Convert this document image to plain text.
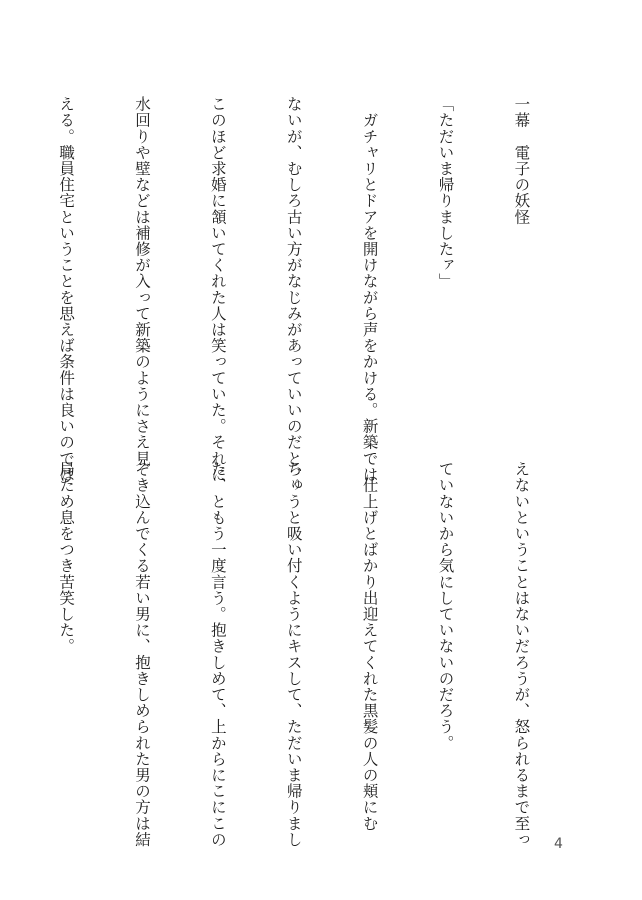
一幕　電子の妖怪

「ただいま帰りましたァ」

　ガチャリとドアを開けながら声をかける。新築では

ないが、むしろ古い方がなじみがあっていいのだと、

このほど求婚に頷いてくれた人は笑っていた。それに

水回りや壁などは補修が入って新築のようにさえ見

える。職員住宅ということを思えば条件は良いのでは

えないということはないだろうが、怒られるまで至っ

ていないから気にしていないのだろう。

　仕上げとばかり出迎えてくれた黒髪の人の頬にむ

ちゅうと吸い付くようにキスして、ただいま帰りまし

た、ともう一度言う。抱きしめて、上からにこにこの

ぞき込んでくる若い男に、抱きしめられた男の方は結

局ため息をつき苦笑した。

4
